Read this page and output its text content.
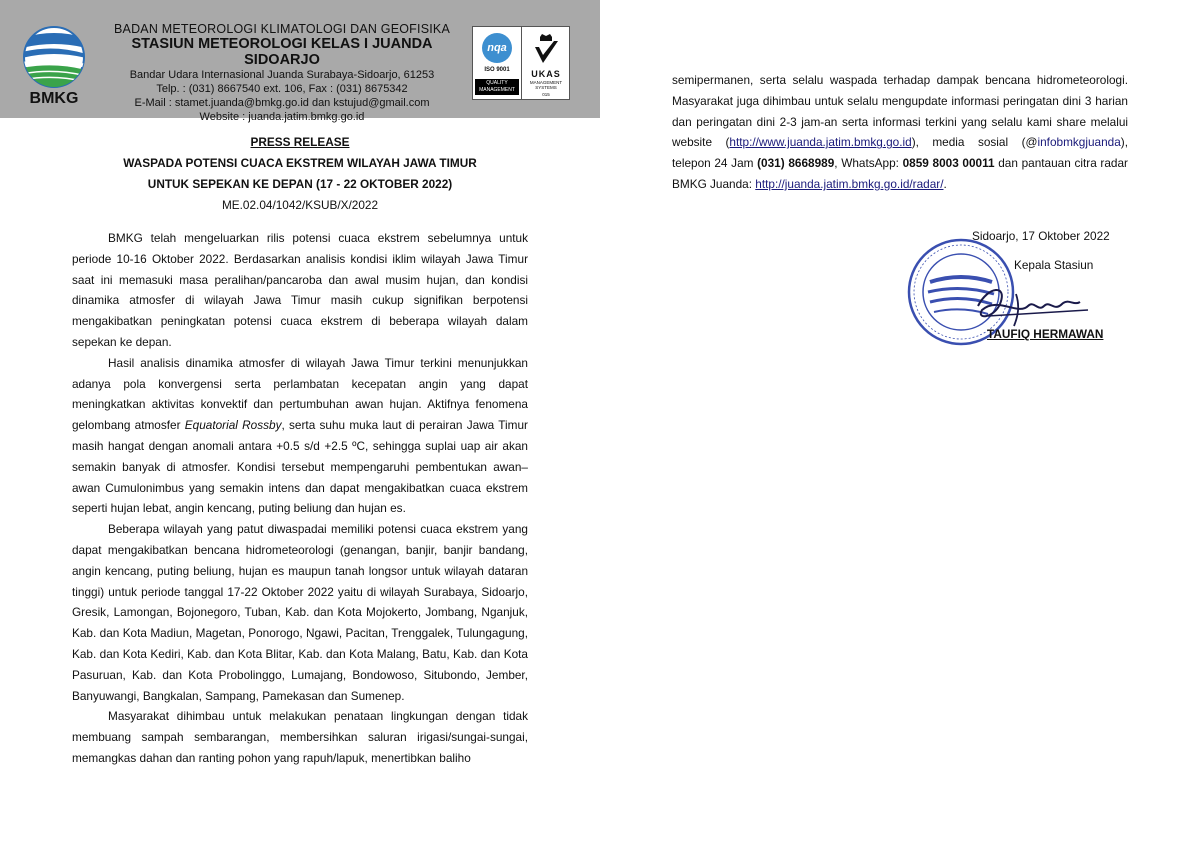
BMKG
BADAN METEOROLOGI KLIMATOLOGI DAN GEOFISIKA
STASIUN METEOROLOGI KELAS I JUANDA SIDOARJO
Bandar Udara Internasional Juanda Surabaya-Sidoarjo, 61253
Telp. : (031) 8667540 ext. 106, Fax : (031) 8675342
E-Mail : stamet.juanda@bmkg.go.id dan kstujud@gmail.com
Website : juanda.jatim.bmkg.go.id
nqa
ISO 9001
QUALITY MANAGEMENT
UKAS
MANAGEMENT SYSTEMS
015
PRESS RELEASE
WASPADA POTENSI CUACA EKSTREM WILAYAH JAWA TIMUR
UNTUK SEPEKAN KE DEPAN (17 - 22 OKTOBER 2022)
ME.02.04/1042/KSUB/X/2022

BMKG telah mengeluarkan rilis potensi cuaca ekstrem sebelumnya untuk periode 10-16 Oktober 2022. Berdasarkan analisis kondisi iklim wilayah Jawa Timur saat ini memasuki masa peralihan/pancaroba dan awal musim hujan, dan kondisi dinamika atmosfer di wilayah Jawa Timur masih cukup signifikan berpotensi mengakibatkan peningkatan potensi cuaca ekstrem di beberapa wilayah dalam sepekan ke depan.

Hasil analisis dinamika atmosfer di wilayah Jawa Timur terkini menunjukkan adanya pola konvergensi serta perlambatan kecepatan angin yang dapat meningkatkan aktivitas konvektif dan pertumbuhan awan hujan. Aktifnya fenomena gelombang atmosfer Equatorial Rossby, serta suhu muka laut di perairan Jawa Timur masih hangat dengan anomali antara +0.5 s/d +2.5 ºC, sehingga suplai uap air akan semakin banyak di atmosfer. Kondisi tersebut mempengaruhi pembentukan awan–awan Cumulonimbus yang semakin intens dan dapat mengakibatkan cuaca ekstrem seperti hujan lebat, angin kencang, puting beliung dan hujan es.

Beberapa wilayah yang patut diwaspadai memiliki potensi cuaca ekstrem yang dapat mengakibatkan bencana hidrometeorologi (genangan, banjir, banjir bandang, angin kencang, puting beliung, hujan es maupun tanah longsor untuk wilayah dataran tinggi) untuk periode tanggal 17-22 Oktober 2022 yaitu di wilayah Surabaya, Sidoarjo, Gresik, Lamongan, Bojonegoro, Tuban, Kab. dan Kota Mojokerto, Jombang, Nganjuk, Kab. dan Kota Madiun, Magetan, Ponorogo, Ngawi, Pacitan, Trenggalek, Tulungagung, Kab. dan Kota Kediri, Kab. dan Kota Blitar, Kab. dan Kota Malang, Batu, Kab. dan Kota Pasuruan, Kab. dan Kota Probolinggo, Lumajang, Bondowoso, Situbondo, Jember, Banyuwangi, Bangkalan, Sampang, Pamekasan dan Sumenep.

Masyarakat dihimbau untuk melakukan penataan lingkungan dengan tidak membuang sampah sembarangan, membersihkan saluran irigasi/sungai-sungai, memangkas dahan dan ranting pohon yang rapuh/lapuk, menertibkan baliho

semipermanen, serta selalu waspada terhadap dampak bencana hidrometeorologi. Masyarakat juga dihimbau untuk selalu mengupdate informasi peringatan dini 3 harian dan peringatan dini 2-3 jam-an serta informasi terkini yang selalu kami share melalui website (http://www.juanda.jatim.bmkg.go.id), media sosial (@infobmkgjuanda), telepon 24 Jam (031) 8668989, WhatsApp: 0859 8003 00011 dan pantauan citra radar BMKG Juanda: http://juanda.jatim.bmkg.go.id/radar/.

Sidoarjo, 17 Oktober 2022
Kepala Stasiun
TAUFIQ HERMAWAN
